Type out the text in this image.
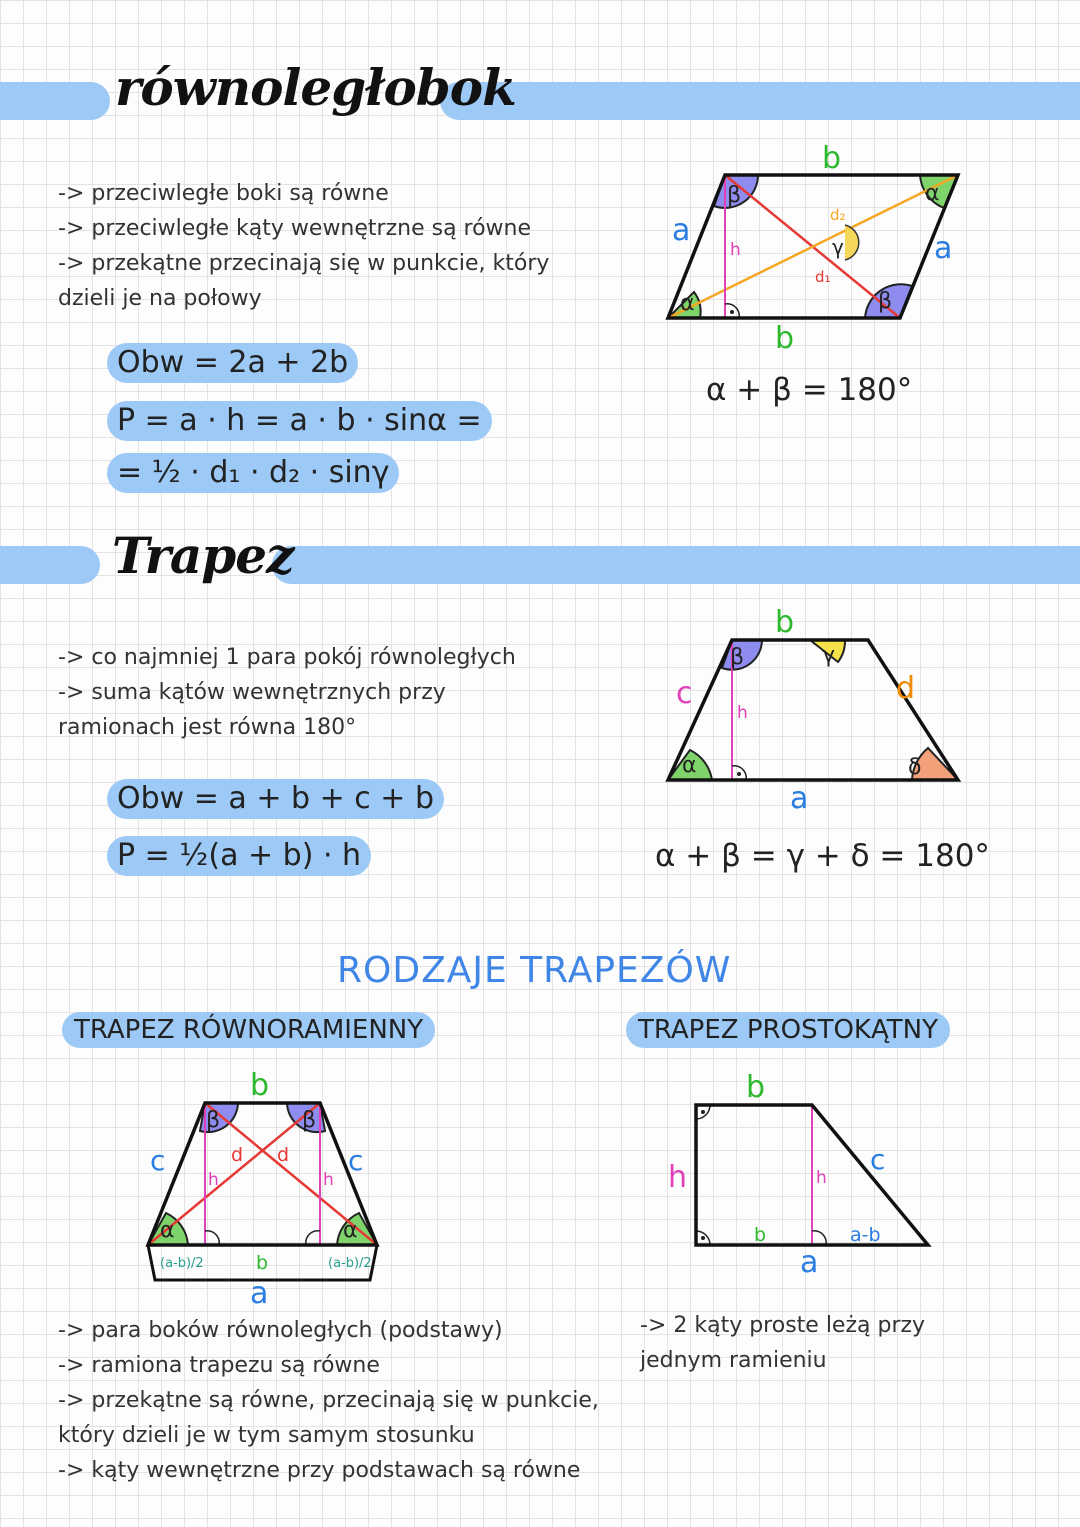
równoległobok
-> przeciwległe boki są równe
-> przeciwległe kąty wewnętrzne są równe
-> przekątne przecinają się w punkcie, który
dzieli je na połowy
Obw = 2a + 2b
P = a · h = a · b · sinα =
= ½ · d₁ · d₂ · sinγ
b
b
a
a
h
β	α
α	β
γ
d₂
d₁
α + β = 180°
Trapez
-> co najmniej 1 para pokój równoległych
-> suma kątów wewnętrznych przy
ramionach jest równa 180°
Obw = a + b + c + b
P = ½(a + b) · h
b
a
c	d
h
β	γ
α	δ
α + β = γ + δ = 180°
RODZAJE TRAPEZÓW
TRAPEZ RÓWNORAMIENNY	TRAPEZ PROSTOKĄTNY
b
a
c	c
d d
h	h
β	β
α	α
b
(a-b)/2	(a-b)/2
-> para boków równoległych (podstawy)
-> ramiona trapezu są równe
-> przekątne są równe, przecinają się w punkcie,
który dzieli je w tym samym stosunku
-> kąty wewnętrzne przy podstawach są równe
b
a
h
c
h
b	a-b
-> 2 kąty proste leżą przy
jednym ramieniu
